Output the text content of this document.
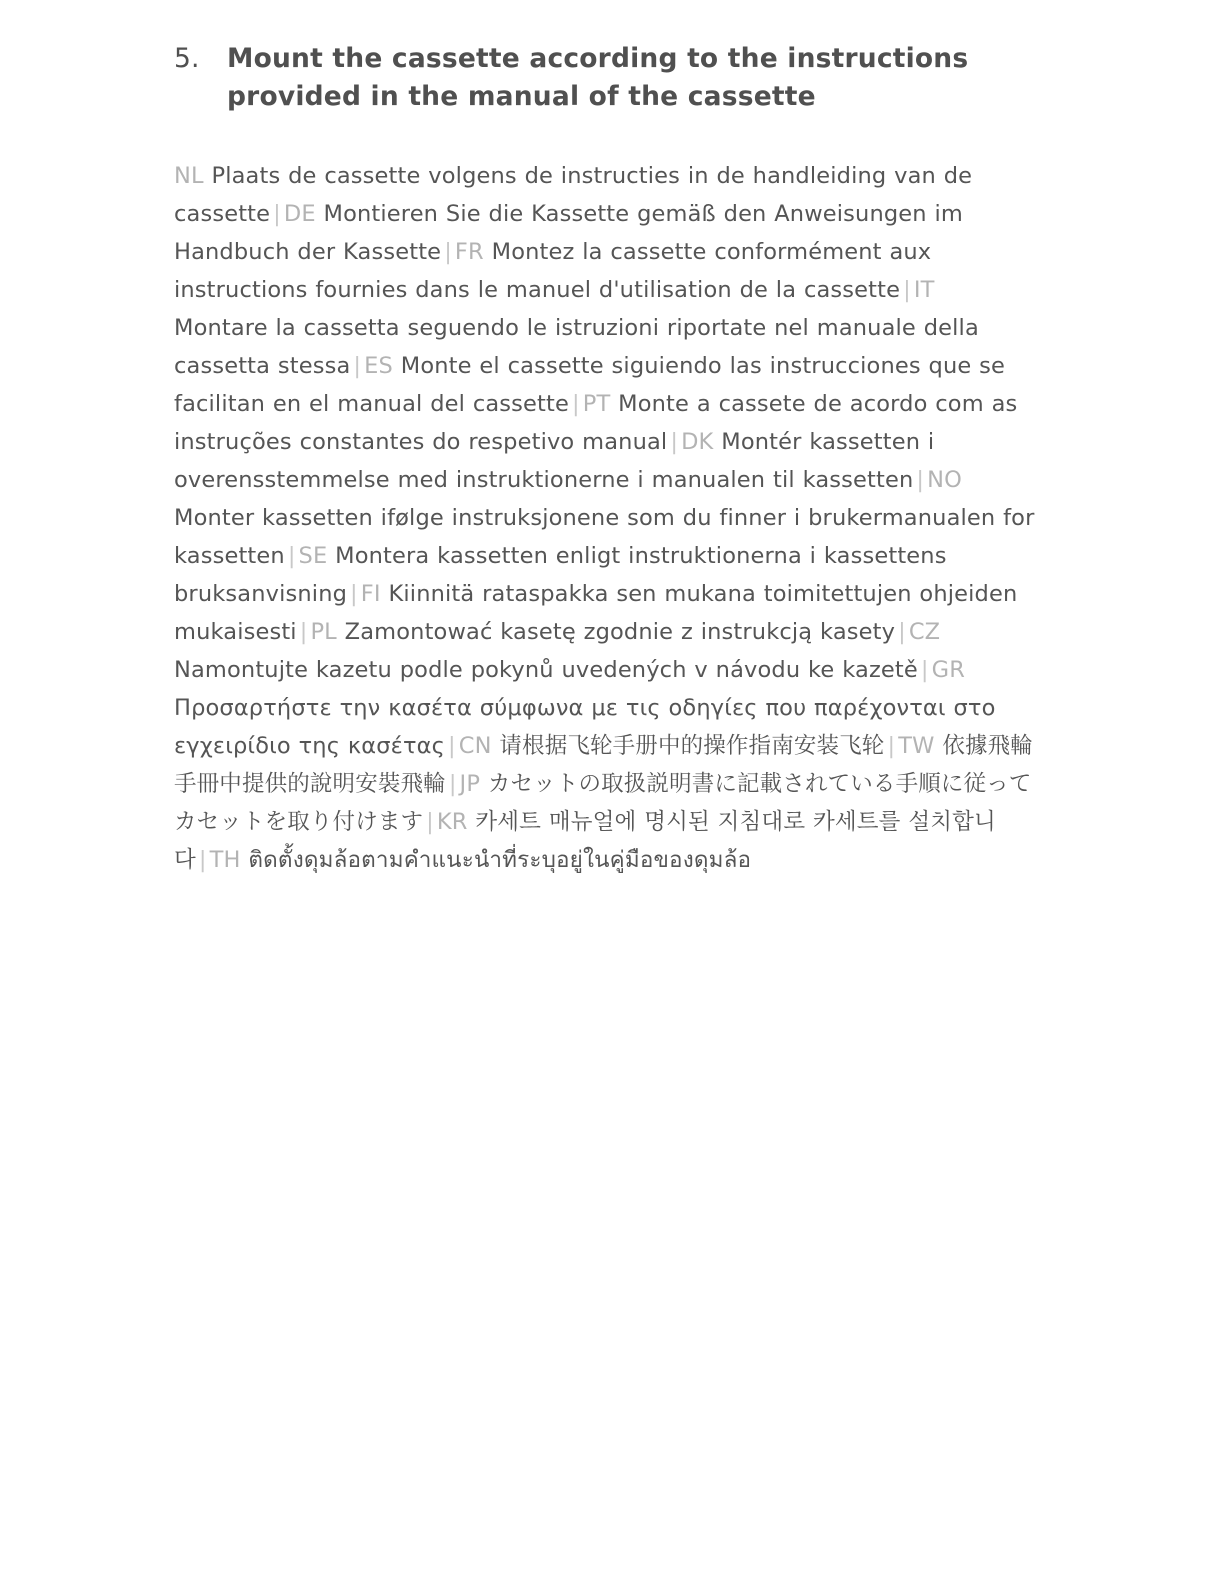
5.	Mount the cassette according to the instructions provided in the manual of the cassette
NL Plaats de cassette volgens de instructies in de handleiding van de cassette | DE Montieren Sie die Kassette gemäß den Anweisungen im Handbuch der Kassette | FR Montez la cassette conformément aux instructions fournies dans le manuel d'utilisation de la cassette | IT Montare la cassetta seguendo le istruzioni riportate nel manuale della cassetta stessa | ES Monte el cassette siguiendo las instrucciones que se facilitan en el manual del cassette | PT Monte a cassete de acordo com as instruções constantes do respetivo manual | DK Montér kassetten i overensstemmelse med instruktionerne i manualen til kassetten | NO Monter kassetten ifølge instruksjonene som du finner i brukermanualen for kassetten | SE Montera kassetten enligt instruktionerna i kassettens bruksanvisning | FI Kiinnitä rataspakka sen mukana toimitettujen ohjeiden mukaisesti | PL Zamontować kasetę zgodnie z instrukcją kasety | CZ Namontujte kazetu podle pokynů uvedených v návodu ke kazetě | GR Προσαρτήστε την κασέτα σύμφωνα με τις οδηγίες που παρέχονται στο εγχειρίδιο της κασέτας | CN 请根据飞轮手册中的操作指南安装飞轮 | TW 依據飛輪手冊中提供的說明安裝飛輪 | JP カセットの取扱説明書に記載されている手順に従ってカセットを取り付けます | KR 카세트 매뉴얼에 명시된 지침대로 카세트를 설치합니다 | TH ติดตั้งดุมล้อตามคำแนะนำที่ระบุอยู่ในคู่มือของดุมล้อ
